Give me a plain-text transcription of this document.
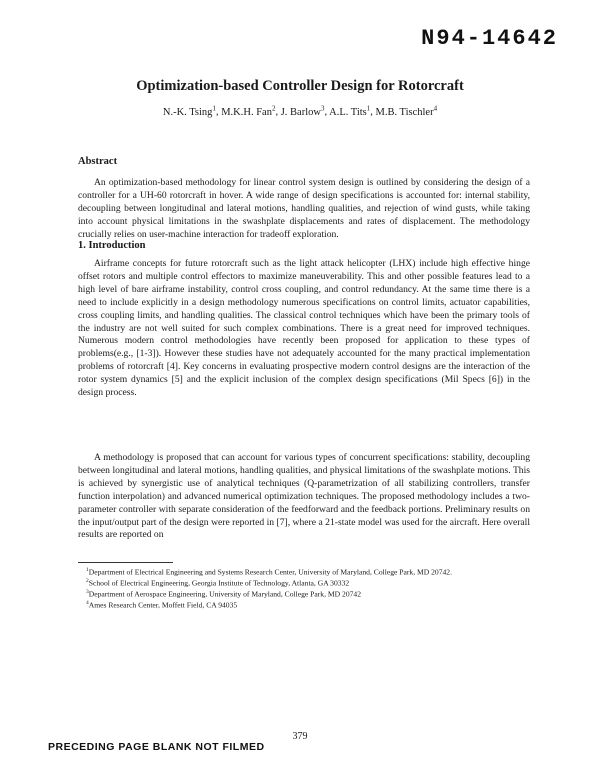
N94-14642
Optimization-based Controller Design for Rotorcraft
N.-K. Tsing$^1$, M.K.H. Fan$^2$, J. Barlow$^3$, A.L. Tits$^1$, M.B. Tischler$^4$
Abstract

An optimization-based methodology for linear control system design is outlined by considering the design of a controller for a UH-60 rotorcraft in hover. A wide range of design specifications is accounted for: internal stability, decoupling between longitudinal and lateral motions, handling qualities, and rejection of wind gusts, while taking into account physical limitations in the swashplate displacements and rates of displacement. The methodology crucially relies on user-machine interaction for tradeoff exploration.

1. Introduction

Airframe concepts for future rotorcraft such as the light attack helicopter (LHX) include high effective hinge offset rotors and multiple control effectors to maximize maneuverability. This and other possible features lead to a high level of bare airframe instability, control cross coupling, and control redundancy. At the same time there is a need to include explicitly in a design methodology numerous specifications on control limits, actuator capabilities, cross coupling limits, and handling qualities. The classical control techniques which have been the primary tools of the industry are not well suited for such complex combinations. There is a great need for improved techniques. Numerous modern control methodologies have recently been proposed for application to these types of problems(e.g., [1-3]). However these studies have not adequately accounted for the many practical implementation problems of rotorcraft [4]. Key concerns in evaluating prospective modern control designs are the interaction of the rotor system dynamics [5] and the explicit inclusion of the complex design specifications (Mil Specs [6]) in the design process.

A methodology is proposed that can account for various types of concurrent specifications: stability, decoupling between longitudinal and lateral motions, handling qualities, and physical limitations of the swashplate motions. This is achieved by synergistic use of analytical techniques (Q-parametrization of all stabilizing controllers, transfer function interpolation) and advanced numerical optimization techniques. The proposed methodology includes a two-parameter controller with separate consideration of the feedforward and the feedback portions. Preliminary results on the input/output part of the design were reported in [7], where a 21-state model was used for the aircraft. Here overall results are reported on

$^1$Department of Electrical Engineering and Systems Research Center, University of Maryland, College Park, MD 20742.
$^2$School of Electrical Engineering, Georgia Institute of Technology, Atlanta, GA 30332
$^3$Department of Aerospace Engineering, University of Maryland, College Park, MD 20742
$^4$Ames Research Center, Moffett Field, CA 94035
379
PRECEDING PAGE BLANK NOT FILMED
